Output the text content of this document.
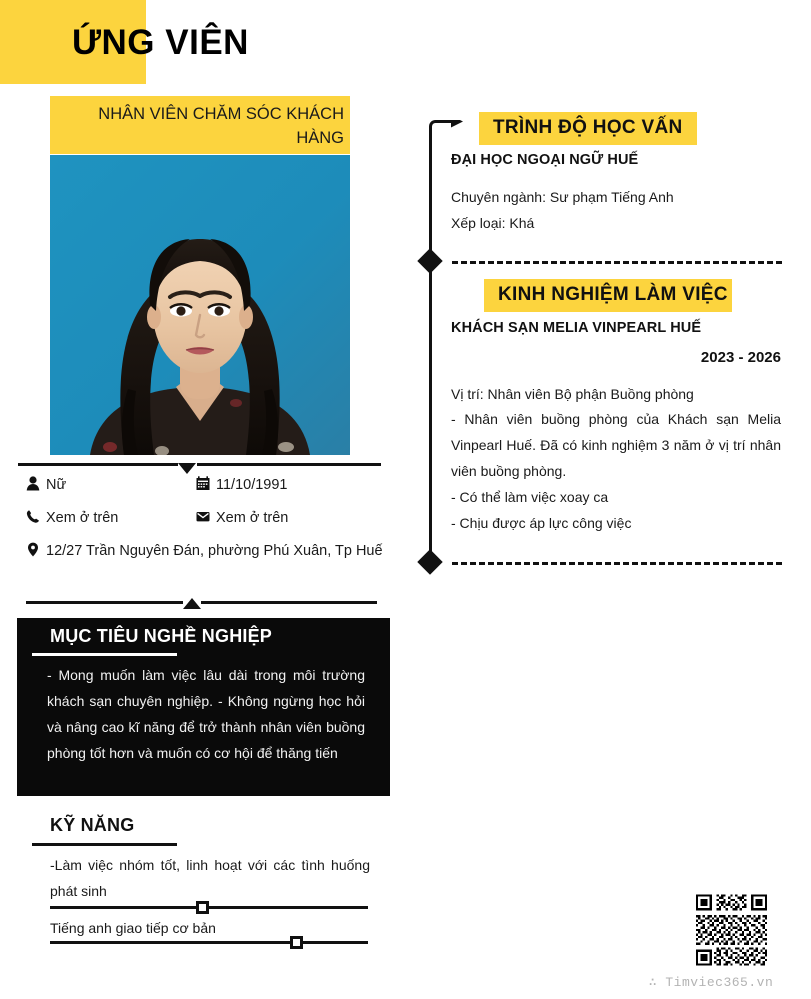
ỨNG VIÊN
NHÂN VIÊN CHĂM SÓC KHÁCH HÀNG
Nữ	11/10/1991
Xem ở trên	Xem ở trên
12/27 Trần Nguyên Đán, phường Phú Xuân, Tp Huế
MỤC TIÊU NGHỀ NGHIỆP
- Mong muốn làm việc lâu dài trong môi trường khách sạn chuyên nghiệp. - Không ngừng học hỏi và nâng cao kĩ năng để trở thành nhân viên buồng phòng tốt hơn và muốn có cơ hội để thăng tiến
KỸ NĂNG
-Làm việc nhóm tốt, linh hoạt với các tình huống phát sinh
Tiếng anh giao tiếp cơ bản
TRÌNH ĐỘ HỌC VẤN
ĐẠI HỌC NGOẠI NGỮ HUẾ
Chuyên ngành: Sư phạm Tiếng Anh
Xếp loại: Khá
KINH NGHIỆM LÀM VIỆC
KHÁCH SẠN MELIA VINPEARL HUẾ
2023 - 2026
Vị trí: Nhân viên Bộ phận Buồng phòng
- Nhân viên buồng phòng của Khách sạn Melia Vinpearl Huế. Đã có kinh nghiệm 3 năm ở vị trí nhân viên buồng phòng.
- Có thể làm việc xoay ca
- Chịu được áp lực công việc
∴ Timviec365.vn
